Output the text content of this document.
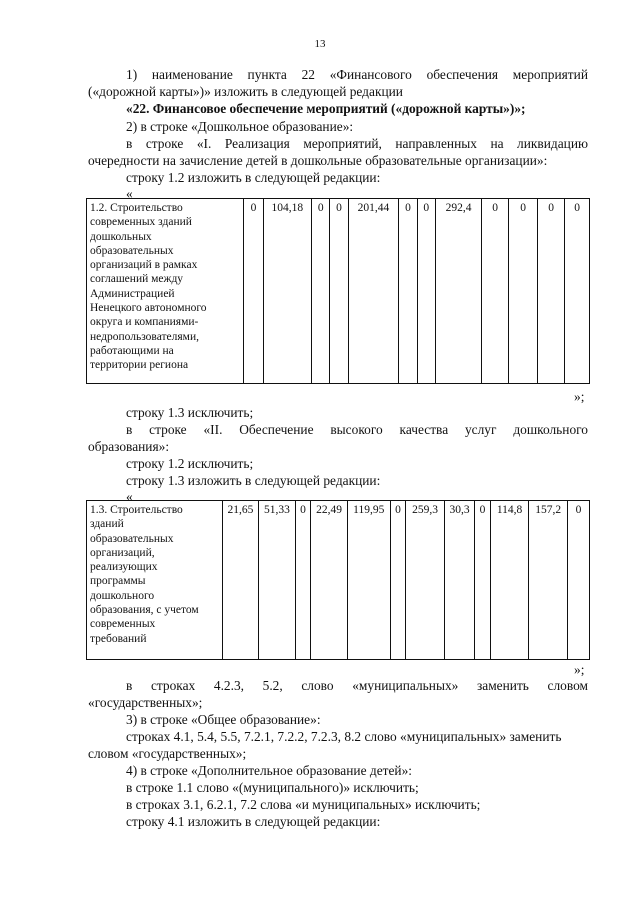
13
1) наименование пункта 22 «Финансового обеспечения мероприятий
(«дорожной карты»)» изложить в следующей редакции
«22. Финансовое обеспечение мероприятий («дорожной карты»)»;
2) в строке «Дошкольное образование»:
в строке «I. Реализация мероприятий, направленных на ликвидацию
очередности на зачисление детей в дошкольные образовательные организации»:
строку 1.2 изложить в следующей редакции:
«
1.2. Строительство
современных зданий
дошкольных
образовательных
организаций в рамках
соглашений между
Администрацией
Ненецкого автономного
округа и компаниями-
недропользователями,
работающими на
территории региона	0	104,18	0	0	201,44	0	0	292,4	0	0	0	0
»;
строку 1.3 исключить;
в строке «II. Обеспечение высокого качества услуг дошкольного
образования»:
строку 1.2 исключить;
строку 1.3 изложить в следующей редакции:
«
1.3. Строительство
зданий
образовательных
организаций,
реализующих
программы
дошкольного
образования, с учетом
современных
требований	21,65	51,33	0	22,49	119,95	0	259,3	30,3	0	114,8	157,2	0
»;
в строках 4.2.3, 5.2, слово «муниципальных» заменить словом
«государственных»;
3) в строке «Общее образование»:
строках 4.1, 5.4, 5.5, 7.2.1, 7.2.2, 7.2.3, 8.2 слово «муниципальных» заменить
словом «государственных»;
4) в строке «Дополнительное образование детей»:
в строке 1.1 слово «(муниципального)» исключить;
в строках 3.1, 6.2.1, 7.2 слова «и муниципальных» исключить;
строку 4.1 изложить в следующей редакции:
